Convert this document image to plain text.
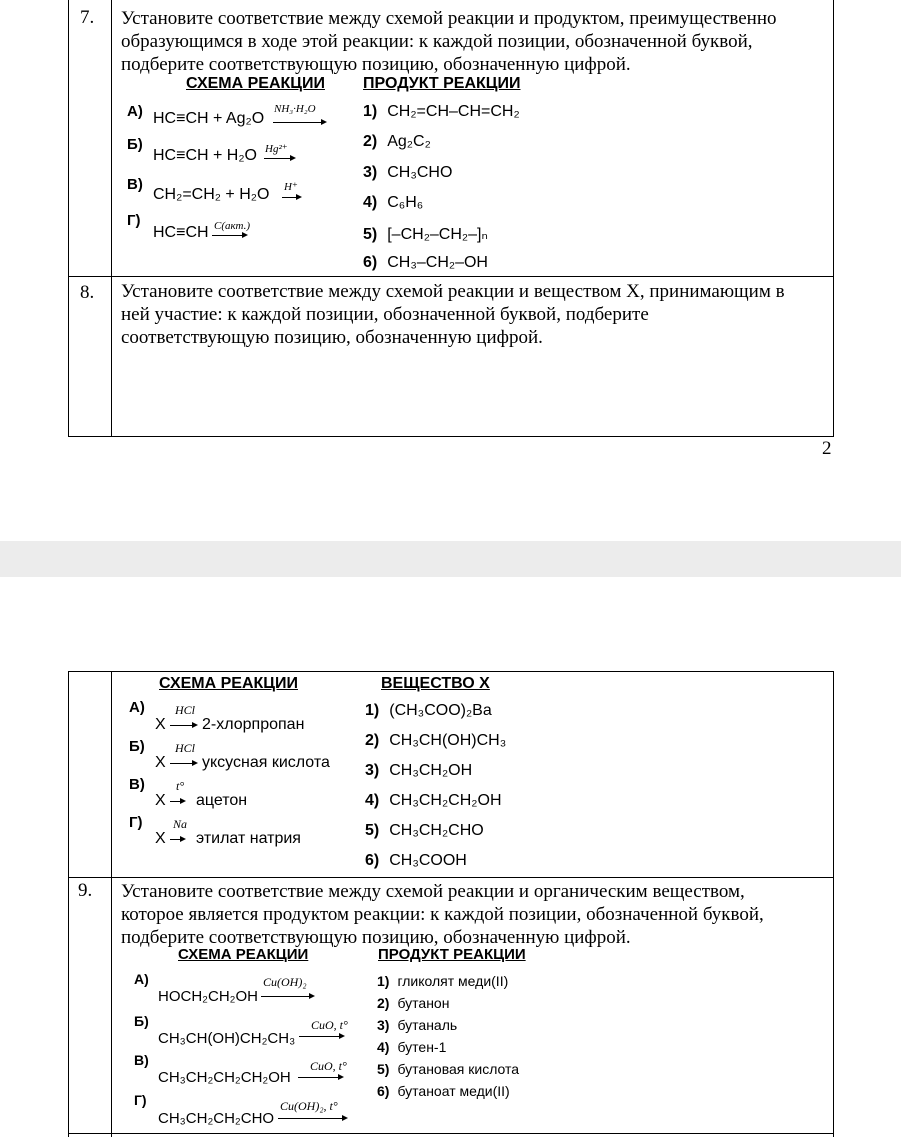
7. Установите соответствие между схемой реакции и продуктом, преимущественно
образующимся в ходе этой реакции: к каждой позиции, обозначенной буквой,
подберите соответствующую позицию, обозначенную цифрой.
СХЕМА РЕАКЦИИ ПРОДУКТ РЕАКЦИИ
А) HC≡CH + Ag₂O
NH₃·H₂O
Б)
HC≡CH + H₂O Hg²⁺
В)
CH₂=CH₂ + H₂O H⁺
Г)
HC≡CH C(акт.)
1) CH₂=CH–CH=CH₂
2) Ag₂C₂
3) CH₃CHO
4) C₆H₆
5) [–CH₂–CH₂–]ₙ
6) CH₃–CH₂–OH
8. Установите соответствие между схемой реакции и веществом X, принимающим в
ней участие: к каждой позиции, обозначенной буквой, подберите
соответствующую позицию, обозначенную цифрой.
2
СХЕМА РЕАКЦИИ	ВЕЩЕСТВО X
А)	HCl
X 2-хлорпропан
Б)	HCl
X уксусная кислота
В)	t°
X ацетон
Г)	Na
X этилат натрия
1) (CH₃COO)₂Ba
2) CH₃CH(OH)CH₃
3) CH₃CH₂OH
4) CH₃CH₂CH₂OH
5) CH₃CH₂CHO
6) CH₃COOH
9. Установите соответствие между схемой реакции и органическим веществом,
которое является продуктом реакции: к каждой позиции, обозначенной буквой,
подберите соответствующую позицию, обозначенную цифрой.
СХЕМА РЕАКЦИИ	ПРОДУКТ РЕАКЦИИ
А)	Cu(OH)₂
HOCH₂CH₂OH
Б)	CuO, t°
CH₃CH(OH)CH₂CH₃
В)	CuO, t°
CH₃CH₂CH₂CH₂OH
Г)	Cu(OH)₂, t°
CH₃CH₂CH₂CHO
1) гликолят меди(II)
2) бутанон
3) бутаналь
4) бутен-1
5) бутановая кислота
6) бутаноат меди(II)
